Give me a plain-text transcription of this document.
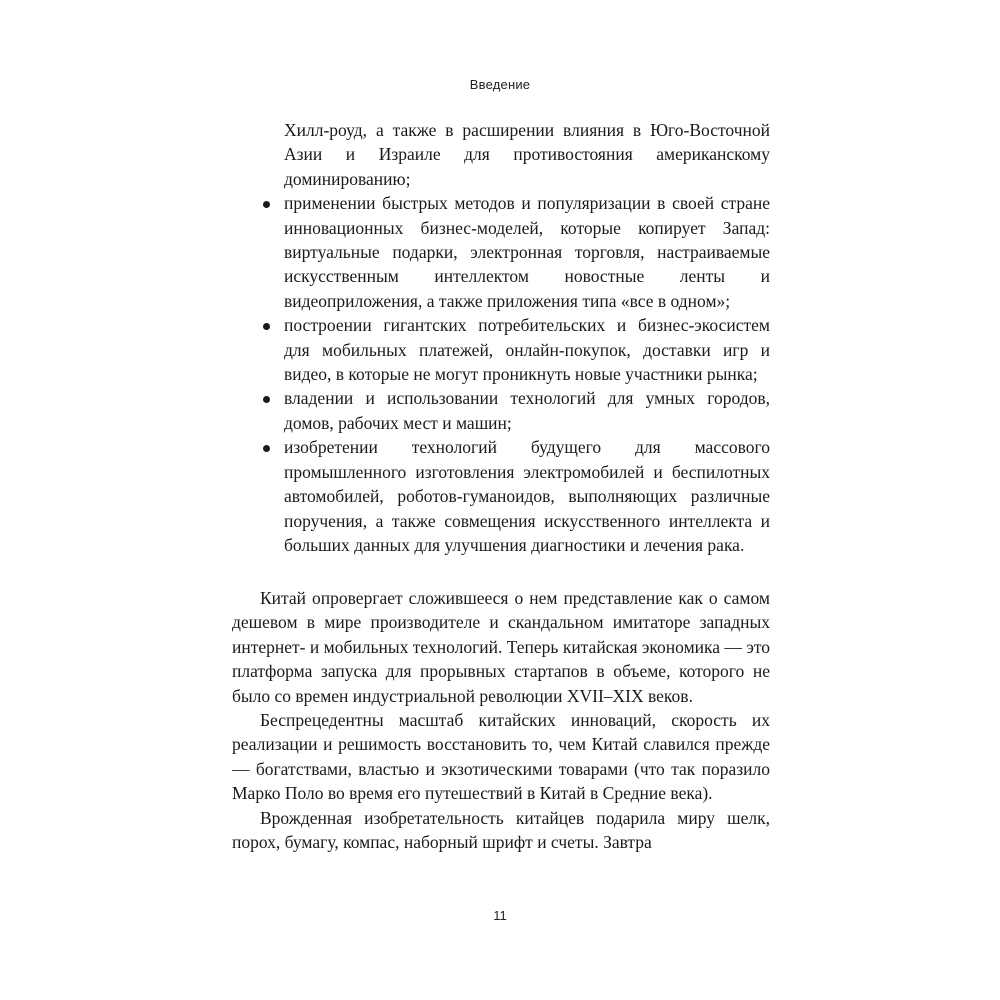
Введение
Хилл-роуд, а также в расширении влияния в Юго-Восточной Азии и Израиле для противостояния американскому доминированию;
применении быстрых методов и популяризации в своей стране инновационных бизнес-моделей, которые копирует Запад: виртуальные подарки, электронная торговля, настраиваемые искусственным интеллектом новостные ленты и видеоприложения, а также приложения типа «все в одном»;
построении гигантских потребительских и бизнес-экосистем для мобильных платежей, онлайн-покупок, доставки игр и видео, в которые не могут проникнуть новые участники рынка;
владении и использовании технологий для умных городов, домов, рабочих мест и машин;
изобретении технологий будущего для массового промышленного изготовления электромобилей и беспилотных автомобилей, роботов-гуманоидов, выполняющих различные поручения, а также совмещения искусственного интеллекта и больших данных для улучшения диагностики и лечения рака.

Китай опровергает сложившееся о нем представление как о самом дешевом в мире производителе и скандальном имитаторе западных интернет- и мобильных технологий. Теперь китайская экономика — это платформа запуска для прорывных стартапов в объеме, которого не было со времен индустриальной революции XVII–XIX веков.

Беспрецедентны масштаб китайских инноваций, скорость их реализации и решимость восстановить то, чем Китай славился прежде — богатствами, властью и экзотическими товарами (что так поразило Марко Поло во время его путешествий в Китай в Средние века).

Врожденная изобретательность китайцев подарила миру шелк, порох, бумагу, компас, наборный шрифт и счеты. Завтра

11
